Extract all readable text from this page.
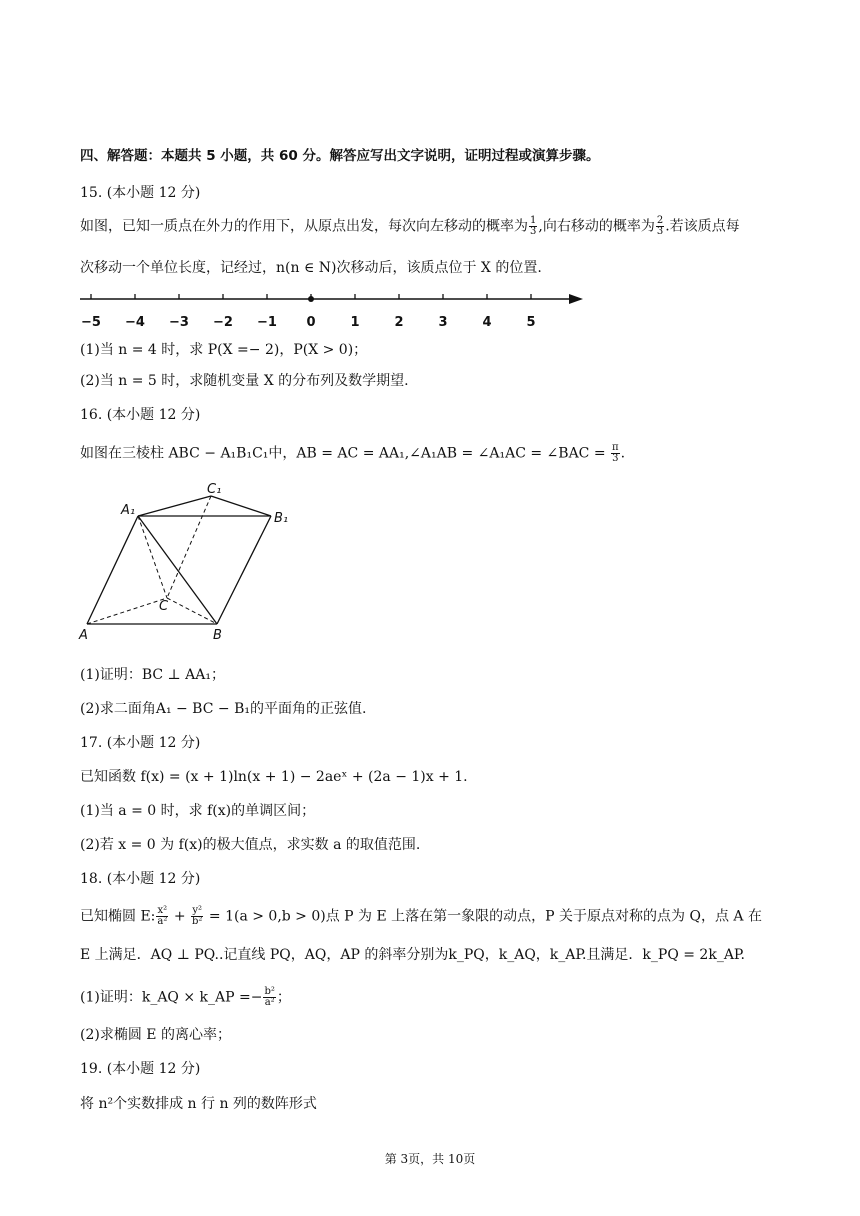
四、解答题：本题共 5 小题，共 60 分。解答应写出文字说明，证明过程或演算步骤。
15. (本小题 12 分)
如图，已知一质点在外力的作用下，从原点出发，每次向左移动的概率为 $\frac{1}{3}$ ,向右移动的概率为 $\frac{2}{3}$ .若该质点每
次移动一个单位长度，记经过，n(n ∈ N)次移动后，该质点位于 X 的位置.
−5 −4 −3 −2 −1 0	1	2	3	4	5
(1)当 n = 4 时，求 P(X =− 2)，P(X > 0)；
(2)当 n = 5 时，求随机变量 X 的分布列及数学期望.
16. (本小题 12 分)
如图在三棱柱 ABC − A₁B₁C₁中，AB = AC = AA₁,∠A₁AB = ∠A₁AC = ∠BAC = $\frac{\pi}{3}$ .
A₁
C₁
B₁
C
A	B
(1)证明：BC ⊥ AA₁；
(2)求二面角A₁ − BC − B₁的平面角的正弦值.
17. (本小题 12 分)
已知函数 f(x) = (x + 1)ln(x + 1) − 2aeˣ + (2a − 1)x + 1.
(1)当 a = 0 时，求 f(x)的单调区间；
(2)若 x = 0 为 f(x)的极大值点，求实数 a 的取值范围.
18. (本小题 12 分)
已知椭圆 E: $\frac{\text{x²}}{\text{a²}} + \frac{\text{y²}}{\text{b²}} = 1(a > 0,b > 0)$点 P 为 E 上落在第一象限的动点，P 关于原点对称的点为 Q，点 A 在
E 上满足．AQ ⊥ PQ..记直线 PQ，AQ，AP 的斜率分别为k_PQ，k_AQ，k_AP.且满足．k_PQ = 2k_AP.
(1)证明：k_AQ × k_AP =− $\frac{\text{b²}}{\text{a²}}$ ；
(2)求椭圆 E 的离心率；
19. (本小题 12 分)
将 n²个实数排成 n 行 n 列的数阵形式
第 3页，共 10页
